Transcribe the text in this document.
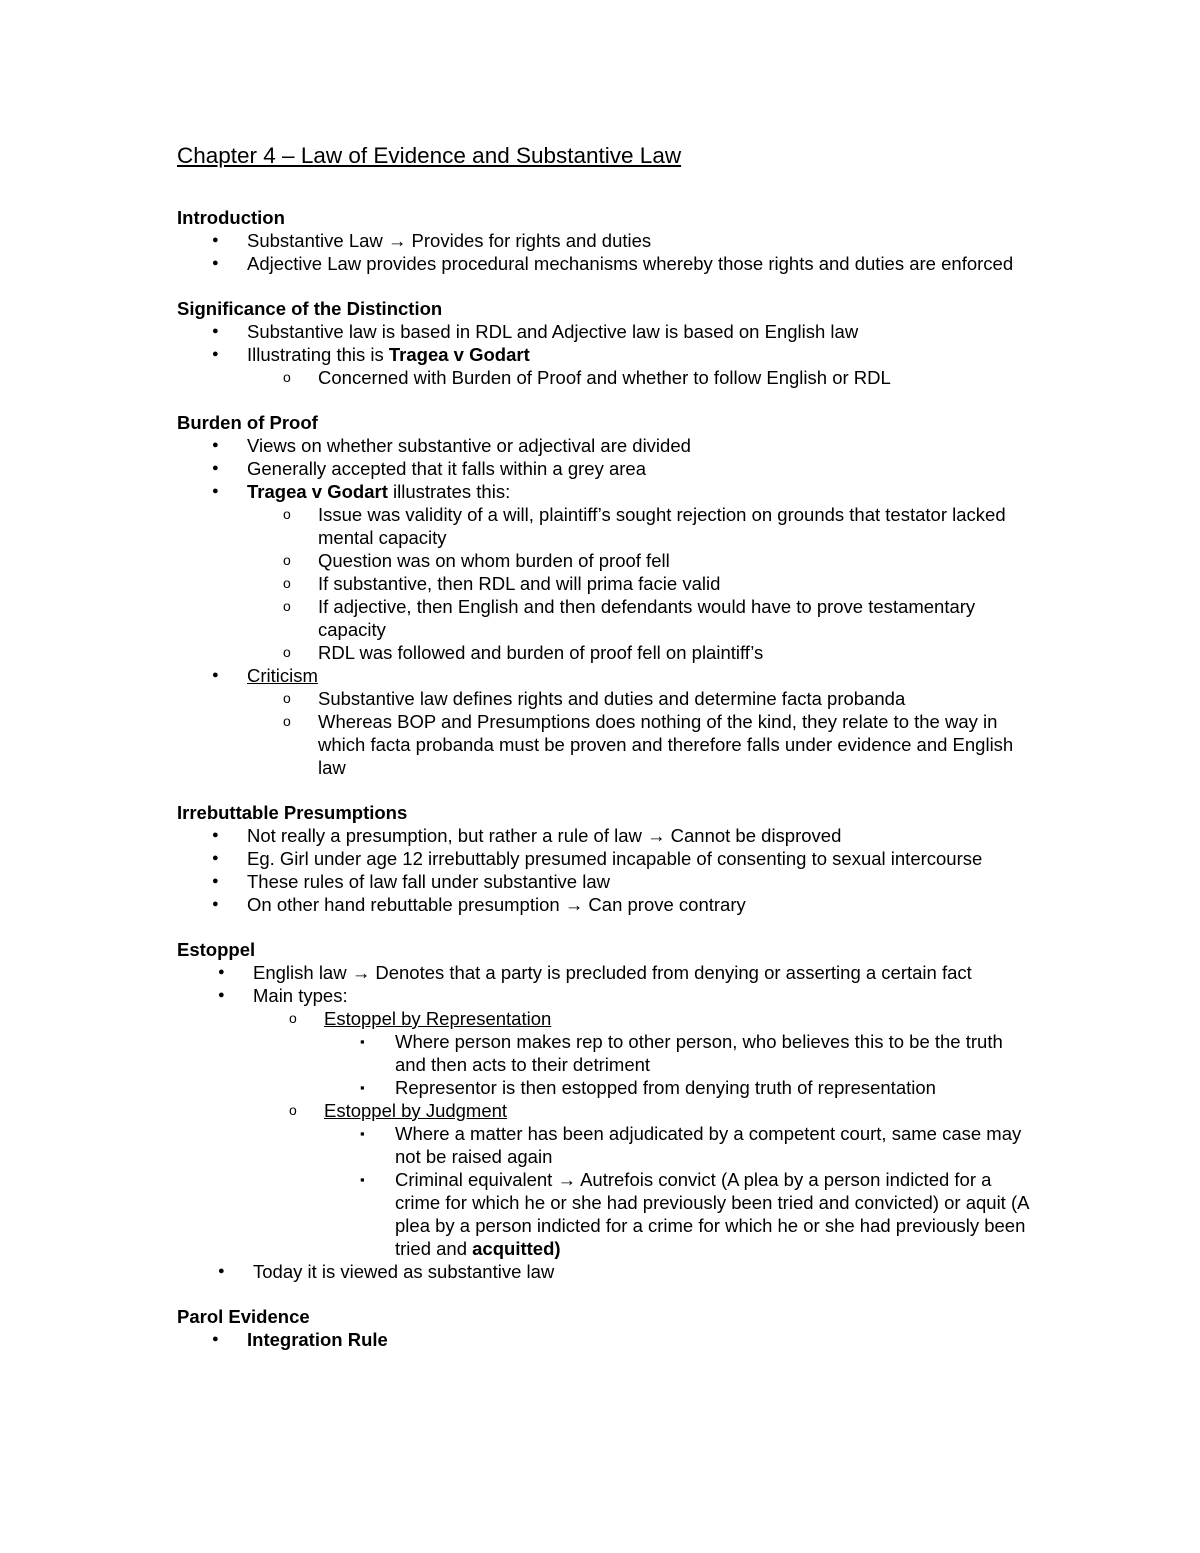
Chapter 4 – Law of Evidence and Substantive Law

Introduction

● Substantive Law → Provides for rights and duties
● Adjective Law provides procedural mechanisms whereby those rights and duties are enforced

Significance of the Distinction

● Substantive law is based in RDL and Adjective law is based on English law
● Illustrating this is Tragea v Godart
o Concerned with Burden of Proof and whether to follow English or RDL

Burden of Proof

● Views on whether substantive or adjectival are divided
● Generally accepted that it falls within a grey area
● Tragea v Godart illustrates this:
o Issue was validity of a will, plaintiff’s sought rejection on grounds that testator lacked mental capacity
o Question was on whom burden of proof fell
o If substantive, then RDL and will prima facie valid
o If adjective, then English and then defendants would have to prove testamentary capacity
o RDL was followed and burden of proof fell on plaintiff’s
● Criticism
o Substantive law defines rights and duties and determine facta probanda
o Whereas BOP and Presumptions does nothing of the kind, they relate to the way in which facta probanda must be proven and therefore falls under evidence and English law

Irrebuttable Presumptions

● Not really a presumption, but rather a rule of law → Cannot be disproved
● Eg. Girl under age 12 irrebuttably presumed incapable of consenting to sexual intercourse
● These rules of law fall under substantive law
● On other hand rebuttable presumption → Can prove contrary

Estoppel

● English law → Denotes that a party is precluded from denying or asserting a certain fact
● Main types:
o Estoppel by Representation
▪ Where person makes rep to other person, who believes this to be the truth and then acts to their detriment
▪ Representor is then estopped from denying truth of representation
o Estoppel by Judgment
▪ Where a matter has been adjudicated by a competent court, same case may not be raised again
▪ Criminal equivalent → Autrefois convict (A plea by a person indicted for a crime for which he or she had previously been tried and convicted) or aquit (A plea by a person indicted for a crime for which he or she had previously been tried and acquitted)
● Today it is viewed as substantive law

Parol Evidence

● Integration Rule
